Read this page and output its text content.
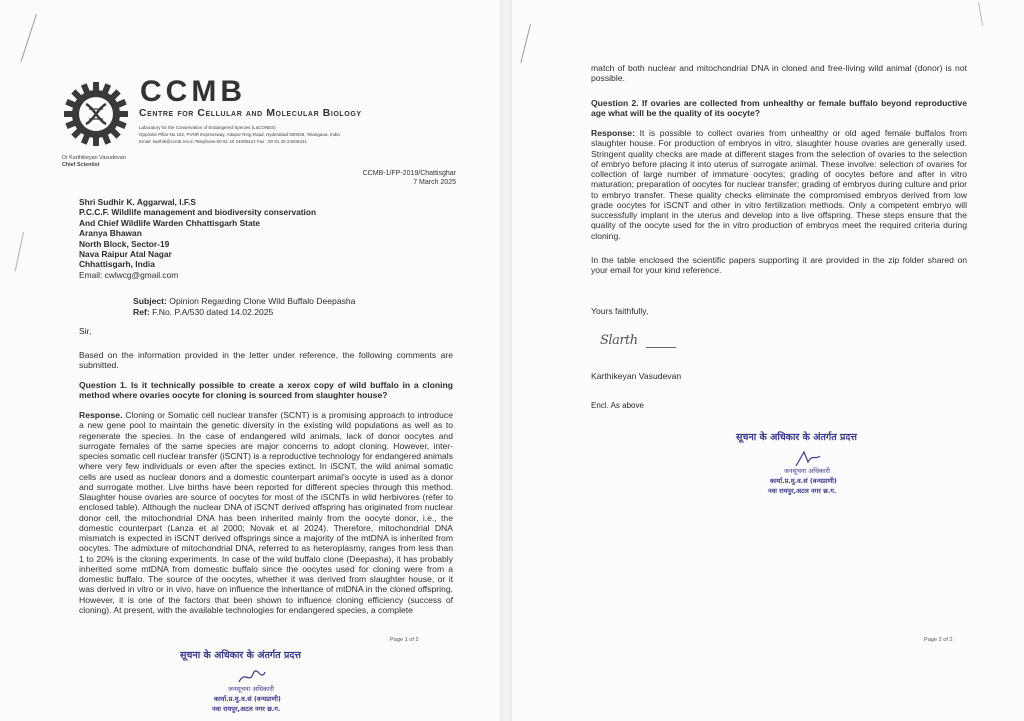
CCMB
Centre for Cellular and Molecular Biology
Laboratory for the Conservation of Endangered Species (LaCONES)
Opposite Pillar No 162, PVNR Expressway, Attapur Ring Road, Hyderabad 500048, Telangana, India
Email: karthik@ccmb.res.in Telephone:00 91 40 24006421 Fax : 00 91 40 24006441
Dr Karthikeyan Vasudevan
Chief Scientist
CCMB-1/FP-2019/Chattisghar
7 March 2025
Shri Sudhir K. Aggarwal, I.F.S
P.C.C.F. Wildlife management and biodiversity conservation
And Chief Wildlife Warden Chhattisgarh State
Aranya Bhawan
North Block, Sector-19
Nava Raipur Atal Nagar
Chhattisgarh, India
Email: cwlwcg@gmail.com
Subject: Opinion Regarding Clone Wild Buffalo Deepasha
Ref: F.No. P.A/530 dated 14.02.2025
Sir,

Based on the information provided in the letter under reference, the following comments are submitted.

Question 1. Is it technically possible to create a xerox copy of wild buffalo in a cloning method where ovaries oocyte for cloning is sourced from slaughter house?

Response. Cloning or Somatic cell nuclear transfer (SCNT) is a promising approach to introduce a new gene pool to maintain the genetic diversity in the existing wild populations as well as to regenerate the species. In the case of endangered wild animals, lack of donor oocytes and surrogate females of the same species are major concerns to adopt cloning. However, inter-species somatic cell nuclear transfer (iSCNT) is a reproductive technology for endangered animals where very few individuals or even after the species extinct. In iSCNT, the wild animal somatic cells are used as nuclear donors and a domestic counterpart animal's oocyte is used as a donor and surrogate mother. Live births have been reported for different species through this method. Slaughter house ovaries are source of oocytes for most of the iSCNTs in wild herbivores (refer to enclosed table). Although the nuclear DNA of iSCNT derived offspring has originated from nuclear donor cell, the mitochondrial DNA has been inherited mainly from the oocyte donor, i.e., the domestic counterpart (Lanza et al 2000; Novak et al 2024). Therefore, mitochondrial DNA mismatch is expected in iSCNT derived offsprings since a majority of the mtDNA is inherited from oocytes. The admixture of mitochondrial DNA, referred to as heteroplasmy, ranges from less than 1 to 20% is the cloning experiments. In case of the wild buffalo clone (Deepasha), it has probably inherited some mtDNA from domestic buffalo since the oocytes used for cloning were from a domestic buffalo. The source of the oocytes, whether it was derived from slaughter house, or it was derived in vitro or in vivo, have on influence the inheritance of mtDNA in the cloned offspring. However, it is one of the factors that been shown to influence cloning efficiency (success of cloning). At present, with the available technologies for endangered species, a complete

Page 1 of 2
सूचना के अधिकार के अंतर्गत प्रदत्त
जनसूचना अधिकारी
कार्या.प्र.मु.व.सं (वन्यप्राणी)
नवा रायपुर,अटल नगर छ.ग.

match of both nuclear and mitochondrial DNA in cloned and free-living wild animal (donor) is not possible.

Question 2. If ovaries are collected from unhealthy or female buffalo beyond reproductive age what will be the quality of its oocyte?

Response: It is possible to collect ovaries from unhealthy or old aged female buffalos from slaughter house. For production of embryos in vitro, slaughter house ovaries are generally used. Stringent quality checks are made at different stages from the selection of ovaries to the selection of embryo before placing it into uterus of surrogate animal. These involve: selection of ovaries for collection of large number of immature oocytes; grading of oocytes before and after in vitro maturation; preparation of oocytes for nuclear transfer; grading of embryos during culture and prior to embryo transfer. These quality checks eliminate the compromised embryos derived from low grade oocytes for iSCNT and other in vitro fertilization methods. Only a competent embryo will successfully implant in the uterus and develop into a live offspring. These steps ensure that the quality of the oocyte used for the in vitro production of embryos meet the required criteria during cloning.

In the table enclosed the scientific papers supporting it are provided in the zip folder shared on your email for your kind reference.

Yours faithfully,
Slarth
Karthikeyan Vasudevan
Encl. As above
सूचना के अधिकार के अंतर्गत प्रदत्त
जनसूचना अधिकारी
कार्या.प्र.मु.व.सं (वन्यप्राणी)
नवा रायपुर,अटल नगर छ.ग.
Page 2 of 2
